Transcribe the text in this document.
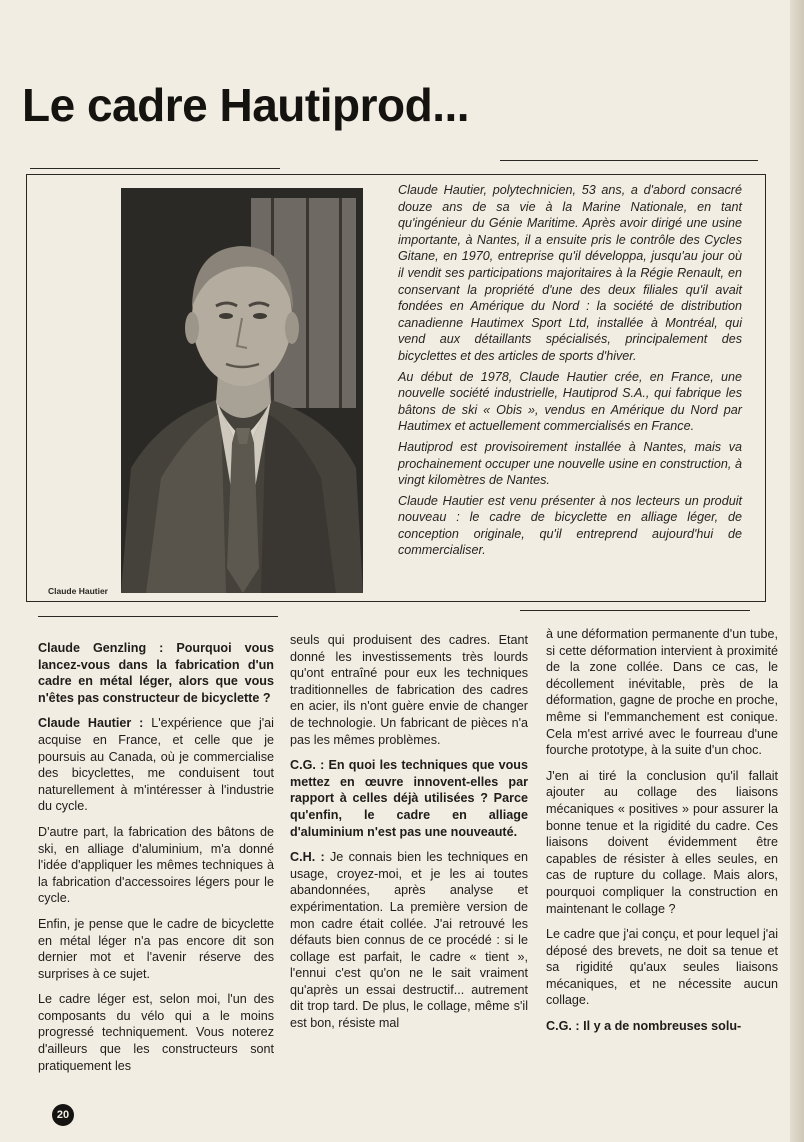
Le cadre Hautiprod...
Claude Hautier

Claude Hautier, polytechnicien, 53 ans, a d'abord consacré douze ans de sa vie à la Marine Nationale, en tant qu'ingénieur du Génie Maritime. Après avoir dirigé une usine importante, à Nantes, il a ensuite pris le contrôle des Cycles Gitane, en 1970, entreprise qu'il développa, jusqu'au jour où il vendit ses participations majoritaires à la Régie Renault, en conservant la propriété d'une des deux filiales qu'il avait fondées en Amérique du Nord : la société de distribution canadienne Hautimex Sport Ltd, installée à Montréal, qui vend aux détaillants spécialisés, principalement des bicyclettes et des articles de sports d'hiver.

Au début de 1978, Claude Hautier crée, en France, une nouvelle société industrielle, Hautiprod S.A., qui fabrique les bâtons de ski « Obis », vendus en Amérique du Nord par Hautimex et actuellement commercialisés en France.

Hautiprod est provisoirement installée à Nantes, mais va prochainement occuper une nouvelle usine en construction, à vingt kilomètres de Nantes.

Claude Hautier est venu présenter à nos lecteurs un produit nouveau : le cadre de bicyclette en alliage léger, de conception originale, qu'il entreprend aujourd'hui de commercialiser.

Claude Genzling : Pourquoi vous lancez-vous dans la fabrication d'un cadre en métal léger, alors que vous n'êtes pas constructeur de bicyclette ?

Claude Hautier : L'expérience que j'ai acquise en France, et celle que je poursuis au Canada, où je commercialise des bicyclettes, me conduisent tout naturellement à m'intéresser à l'industrie du cycle.

D'autre part, la fabrication des bâtons de ski, en alliage d'aluminium, m'a donné l'idée d'appliquer les mêmes techniques à la fabrication d'accessoires légers pour le cycle.

Enfin, je pense que le cadre de bicyclette en métal léger n'a pas encore dit son dernier mot et l'avenir réserve des surprises à ce sujet.

Le cadre léger est, selon moi, l'un des composants du vélo qui a le moins progressé techniquement. Vous noterez d'ailleurs que les constructeurs sont pratiquement les

seuls qui produisent des cadres. Etant donné les investissements très lourds qu'ont entraîné pour eux les techniques traditionnelles de fabrication des cadres en acier, ils n'ont guère envie de changer de technologie. Un fabricant de pièces n'a pas les mêmes problèmes.

C.G. : En quoi les techniques que vous mettez en œuvre innovent-elles par rapport à celles déjà utilisées ? Parce qu'enfin, le cadre en alliage d'aluminium n'est pas une nouveauté.

C.H. : Je connais bien les techniques en usage, croyez-moi, et je les ai toutes abandonnées, après analyse et expérimentation. La première version de mon cadre était collée. J'ai retrouvé les défauts bien connus de ce procédé : si le collage est parfait, le cadre « tient », l'ennui c'est qu'on ne le sait vraiment qu'après un essai destructif... autrement dit trop tard. De plus, le collage, même s'il est bon, résiste mal

à une déformation permanente d'un tube, si cette déformation intervient à proximité de la zone collée. Dans ce cas, le décollement inévitable, près de la déformation, gagne de proche en proche, même si l'emmanchement est conique. Cela m'est arrivé avec le fourreau d'une fourche prototype, à la suite d'un choc.

J'en ai tiré la conclusion qu'il fallait ajouter au collage des liaisons mécaniques « positives » pour assurer la bonne tenue et la rigidité du cadre. Ces liaisons doivent évidemment être capables de résister à elles seules, en cas de rupture du collage. Mais alors, pourquoi compliquer la construction en maintenant le collage ?

Le cadre que j'ai conçu, et pour lequel j'ai déposé des brevets, ne doit sa tenue et sa rigidité qu'aux seules liaisons mécaniques, et ne nécessite aucun collage.

C.G. : Il y a de nombreuses solu-

20
